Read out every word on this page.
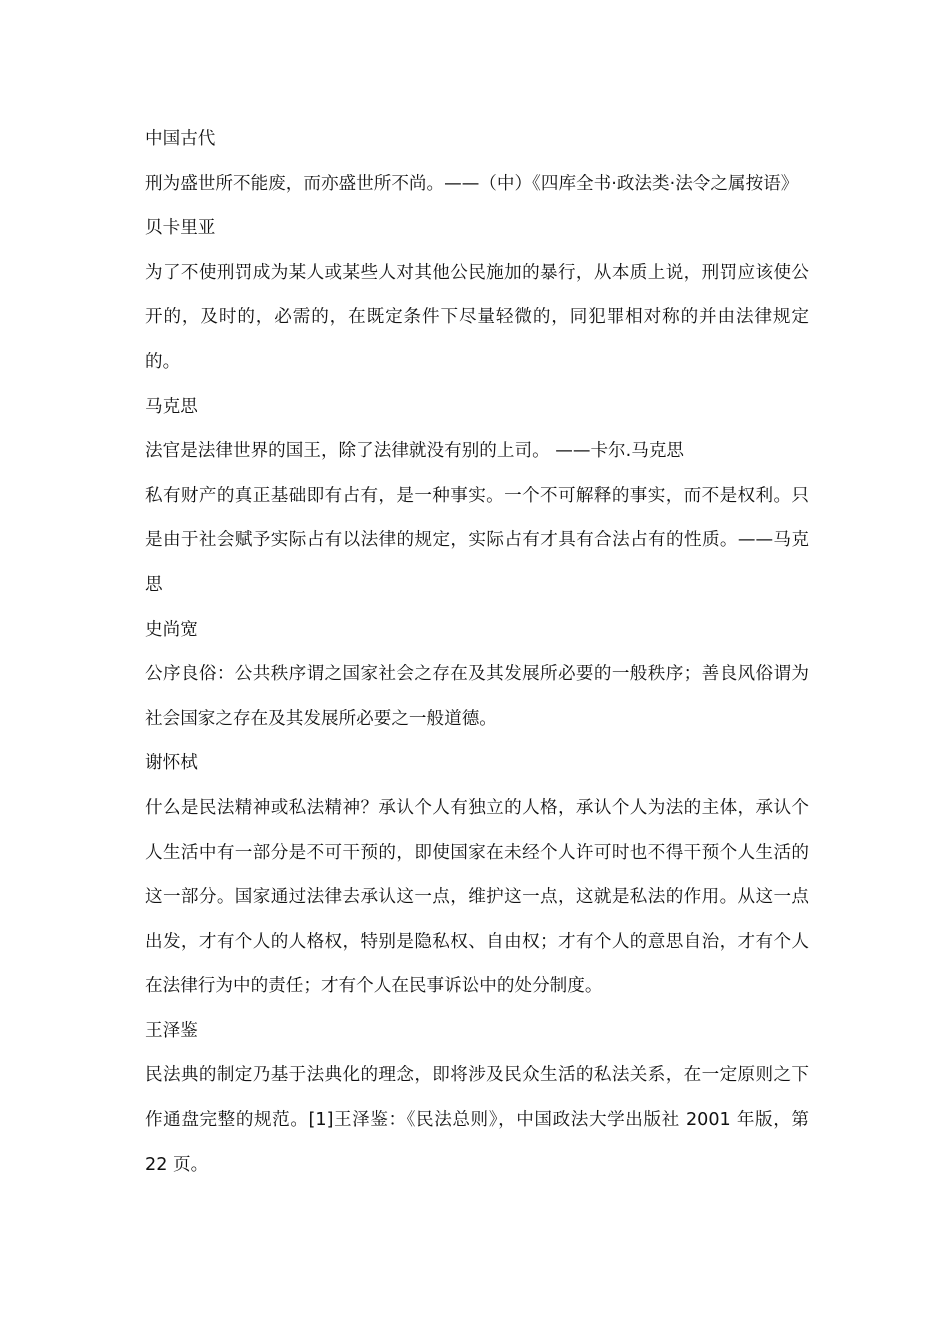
中国古代

刑为盛世所不能废，而亦盛世所不尚。——（中）《四库全书·政法类·法令之属按语》

贝卡里亚

为了不使刑罚成为某人或某些人对其他公民施加的暴行，从本质上说，刑罚应该使公开的，及时的，必需的，在既定条件下尽量轻微的，同犯罪相对称的并由法律规定的。

马克思

法官是法律世界的国王，除了法律就没有别的上司。 ——卡尔.马克思

私有财产的真正基础即有占有，是一种事实。一个不可解释的事实，而不是权利。只是由于社会赋予实际占有以法律的规定，实际占有才具有合法占有的性质。——马克思

史尚宽

公序良俗：公共秩序谓之国家社会之存在及其发展所必要的一般秩序；善良风俗谓为社会国家之存在及其发展所必要之一般道德。

谢怀栻

什么是民法精神或私法精神？承认个人有独立的人格，承认个人为法的主体，承认个人生活中有一部分是不可干预的，即使国家在未经个人许可时也不得干预个人生活的这一部分。国家通过法律去承认这一点，维护这一点，这就是私法的作用。从这一点出发，才有个人的人格权，特别是隐私权、自由权；才有个人的意思自治，才有个人在法律行为中的责任；才有个人在民事诉讼中的处分制度。

王泽鉴

民法典的制定乃基于法典化的理念，即将涉及民众生活的私法关系，在一定原则之下作通盘完整的规范。[1]王泽鉴：《民法总则》，中国政法大学出版社 2001 年版，第 22 页。
